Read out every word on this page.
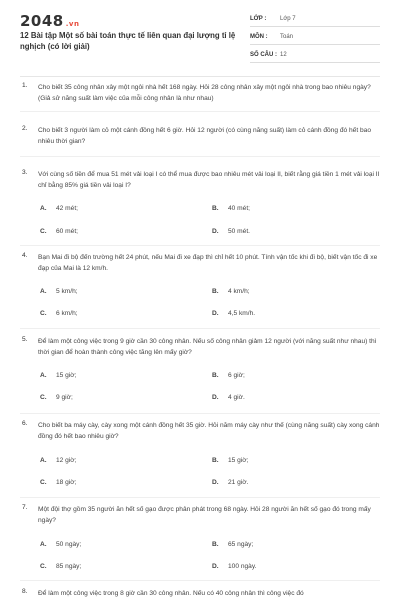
2048 .vn
12 Bài tập Một số bài toán thực tế liên quan đại lượng tỉ lệ nghịch (có lời giải)
LỚP :	Lớp 7
MÔN :	Toán
SỐ CÂU : 12
1. Cho biết 35 công nhân xây một ngôi nhà hết 168 ngày. Hỏi 28 công nhân xây một ngôi nhà trong bao nhiêu ngày? (Giả sử năng suất làm việc của mỗi công nhân là như nhau)
2. Cho biết 3 người làm cỏ một cánh đồng hết 6 giờ. Hỏi 12 người (có cùng năng suất) làm cỏ cánh đồng đó hết bao nhiêu thời gian?
3. Với cùng số tiền để mua 51 mét vải loại I có thể mua được bao nhiêu mét vải loại II, biết rằng giá tiền 1 mét vải loại II chỉ bằng 85% giá tiền vải loại I?
A. 42 mét;	B. 40 mét;
C. 60 mét;	D. 50 mét.
4. Bạn Mai đi bộ đến trường hết 24 phút, nếu Mai đi xe đạp thì chỉ hết 10 phút. Tính vận tốc khi đi bộ, biết vận tốc đi xe đạp của Mai là 12 km/h.
A. 5 km/h;	B. 4 km/h;
C. 6 km/h;	D. 4,5 km/h.
5. Để làm một công việc trong 9 giờ cần 30 công nhân. Nếu số công nhân giảm 12 người (với năng suất như nhau) thì thời gian để hoàn thành công việc tăng lên mấy giờ?
A. 15 giờ;	B. 6 giờ;
C. 9 giờ;	D. 4 giờ.
6. Cho biết ba máy cày, cày xong một cánh đồng hết 35 giờ. Hỏi năm máy cày như thế (cùng năng suất) cày xong cánh đồng đó hết bao nhiêu giờ?
A. 12 giờ;	B. 15 giờ;
C. 18 giờ;	D. 21 giờ.
7. Một đội thợ gồm 35 người ăn hết số gạo được phân phát trong 68 ngày. Hỏi 28 người ăn hết số gạo đó trong mấy ngày?
A. 50 ngày;	B. 65 ngày;
C. 85 ngày;	D. 100 ngày.
8. Để làm một công việc trong 8 giờ cần 30 công nhân. Nếu có 40 công nhân thì công việc đó
